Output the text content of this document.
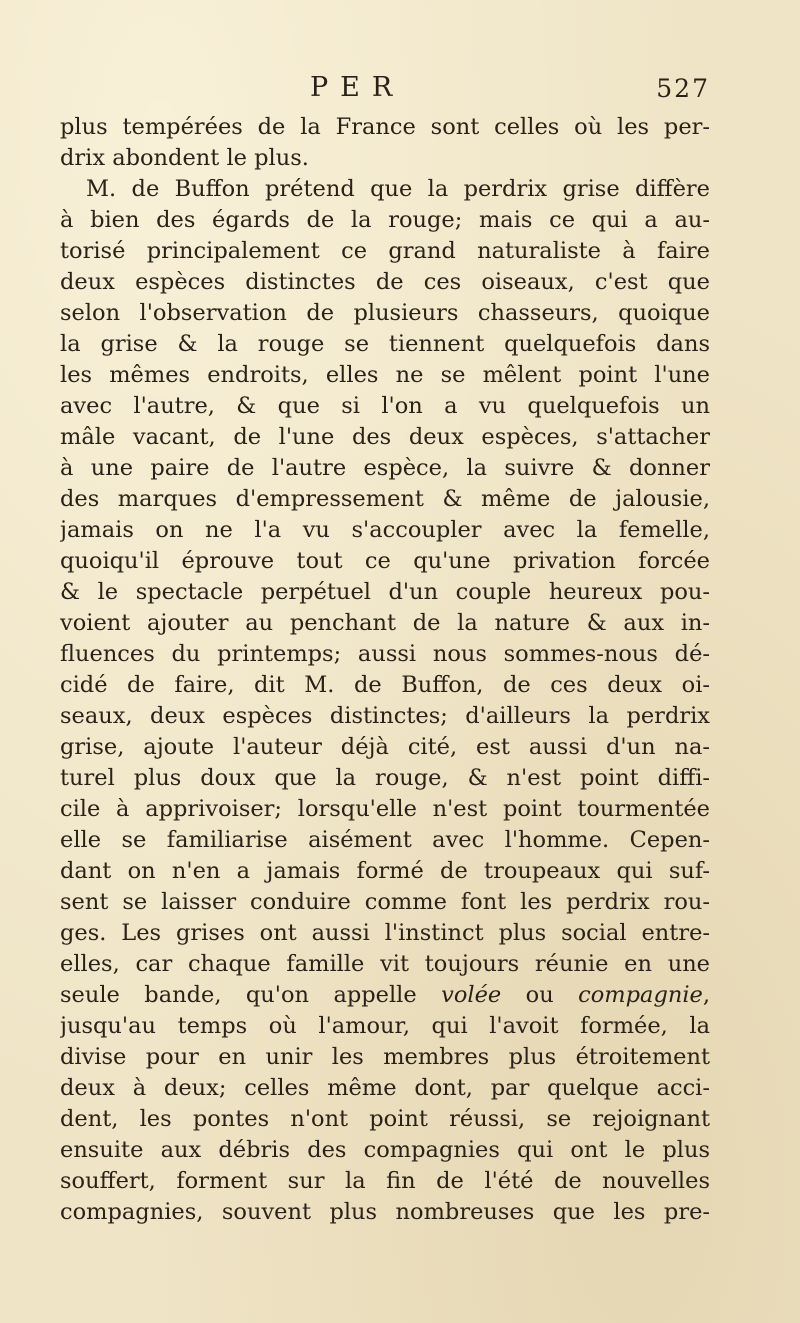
PER	527
plus tempérées de la France sont celles où les per-
drix abondent le plus.
M. de Buffon prétend que la perdrix grise diffère
à bien des égards de la rouge; mais ce qui a au-
torisé principalement ce grand naturaliste à faire
deux espèces distinctes de ces oiseaux, c'est que
selon l'observation de plusieurs chasseurs, quoique
la grise & la rouge se tiennent quelquefois dans
les mêmes endroits, elles ne se mêlent point l'une
avec l'autre, & que si l'on a vu quelquefois un
mâle vacant, de l'une des deux espèces, s'attacher
à une paire de l'autre espèce, la suivre & donner
des marques d'empressement & même de jalousie,
jamais on ne l'a vu s'accoupler avec la femelle,
quoiqu'il éprouve tout ce qu'une privation forcée
& le spectacle perpétuel d'un couple heureux pou-
voient ajouter au penchant de la nature & aux in-
fluences du printemps; aussi nous sommes-nous dé-
cidé de faire, dit M. de Buffon, de ces deux oi-
seaux, deux espèces distinctes; d'ailleurs la perdrix
grise, ajoute l'auteur déjà cité, est aussi d'un na-
turel plus doux que la rouge, & n'est point diffi-
cile à apprivoiser; lorsqu'elle n'est point tourmentée
elle se familiarise aisément avec l'homme. Cepen-
dant on n'en a jamais formé de troupeaux qui suf-
sent se laisser conduire comme font les perdrix rou-
ges. Les grises ont aussi l'instinct plus social entre-
elles, car chaque famille vit toujours réunie en une
seule bande, qu'on appelle volée ou compagnie,
jusqu'au temps où l'amour, qui l'avoit formée, la
divise pour en unir les membres plus étroitement
deux à deux; celles même dont, par quelque acci-
dent, les pontes n'ont point réussi, se rejoignant
ensuite aux débris des compagnies qui ont le plus
souffert, forment sur la fin de l'été de nouvelles
compagnies, souvent plus nombreuses que les pre-
